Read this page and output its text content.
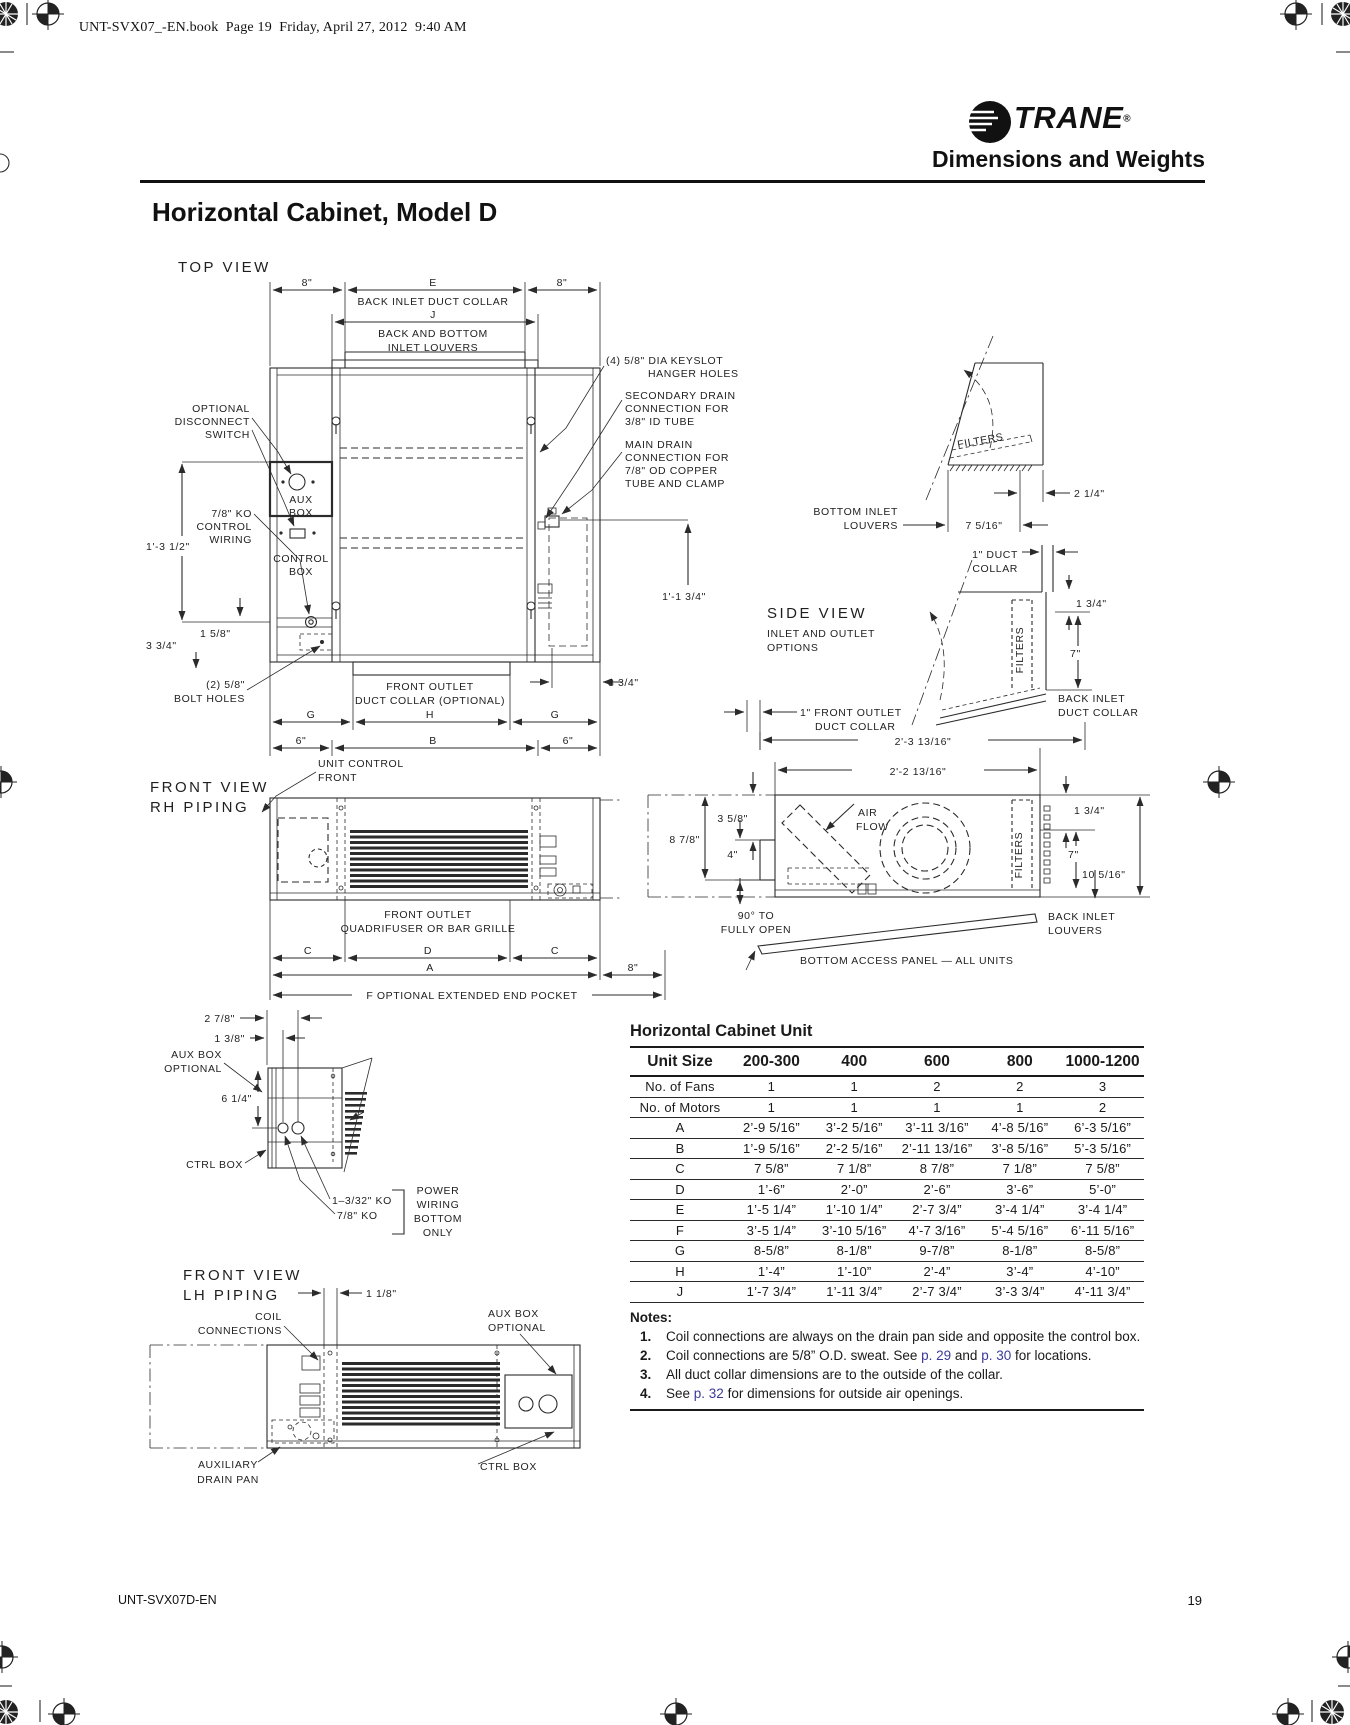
TOP VIEW
8"	E	8"
BACK INLET DUCT COLLAR
J
BACK AND BOTTOM
INLET LOUVERS
AUX
BOX
CONTROL
BOX
OPTIONAL
DISCONNECT
SWITCH
1'-3 1/2"
7/8" KO
CONTROL
WIRING
1 5/8"
3 3/4"
(2) 5/8"
BOLT HOLES
(4) 5/8" DIA KEYSLOT
HANGER HOLES
SECONDARY DRAIN
CONNECTION FOR
3/8" ID TUBE
MAIN DRAIN
CONNECTION FOR
7/8" OD COPPER
TUBE AND CLAMP
1'-1 3/4"
3 3/4"
FRONT OUTLET
DUCT COLLAR (OPTIONAL)
G	H	G
6"	B	6"
FRONT VIEW
RH PIPING
UNIT CONTROL
FRONT
FRONT OUTLET
QUADRIFUSER OR BAR GRILLE
C	D	C
A	8"
F OPTIONAL EXTENDED END POCKET
FILTERS
2 1/4"
BOTTOM INLET
LOUVERS	7 5/16"
SIDE VIEW
INLET AND OUTLET
OPTIONS
1" DUCT
COLLAR
FILTERS
1 3/4"
7"
BACK INLET
DUCT COLLAR
1" FRONT OUTLET
DUCT COLLAR
2'-3 13/16"
2'-2 13/16"
3 5/8"
8 7/8"
4"
AIR
FLOW
FILTERS
1 3/4"
7"
10 5/16"
90° TO
FULLY OPEN
BOTTOM ACCESS PANEL — ALL UNITS
BACK INLET
LOUVERS
2 7/8"
1 3/8"
AUX BOX
OPTIONAL
6 1/4"
CTRL BOX
1–3/32" KO
7/8" KO
POWER
WIRING
BOTTOM
ONLY
FRONT VIEW
LH PIPING	1 1/8"
COIL
CONNECTIONS
AUX BOX
OPTIONAL
AUXILIARY
DRAIN PAN
CTRL BOX

UNT-SVX07_-EN.book  Page 19  Friday, April 27, 2012  9:40 AM

TRANE®
Dimensions and Weights
Horizontal Cabinet, Model D
Horizontal Cabinet Unit
Unit Size	200-300	400	600	800	1000-1200
No. of Fans	1	1	2	2	3
No. of Motors	1	1	1	1	2
A	2’-9 5/16”	3’-2 5/16”	3’-11 3/16”	4’-8 5/16”	6’-3 5/16”
B	1’-9 5/16”	2’-2 5/16”	2’-11 13/16”	3’-8 5/16”	5’-3 5/16”
C	7 5/8”	7 1/8”	8 7/8”	7 1/8”	7 5/8”
D	1’-6”	2’-0”	2’-6”	3’-6”	5’-0”
E	1’-5 1/4”	1’-10 1/4”	2’-7 3/4”	3’-4 1/4”	3’-4 1/4”
F	3’-5 1/4”	3’-10 5/16”	4’-7 3/16”	5’-4 5/16”	6’-11 5/16”
G	8-5/8”	8-1/8”	9-7/8”	8-1/8”	8-5/8”
H	1’-4”	1’-10”	2’-4”	3’-4”	4’-10”
J	1’-7 3/4”	1’-11 3/4”	2’-7 3/4”	3’-3 3/4”	4’-11 3/4”
Notes:
1.	Coil connections are always on the drain pan side and opposite the control box.
2.	Coil connections are 5/8” O.D. sweat. See p. 29 and p. 30 for locations.
3.	All duct collar dimensions are to the outside of the collar.
4.	See p. 32 for dimensions for outside air openings.
UNT-SVX07D-EN	19
